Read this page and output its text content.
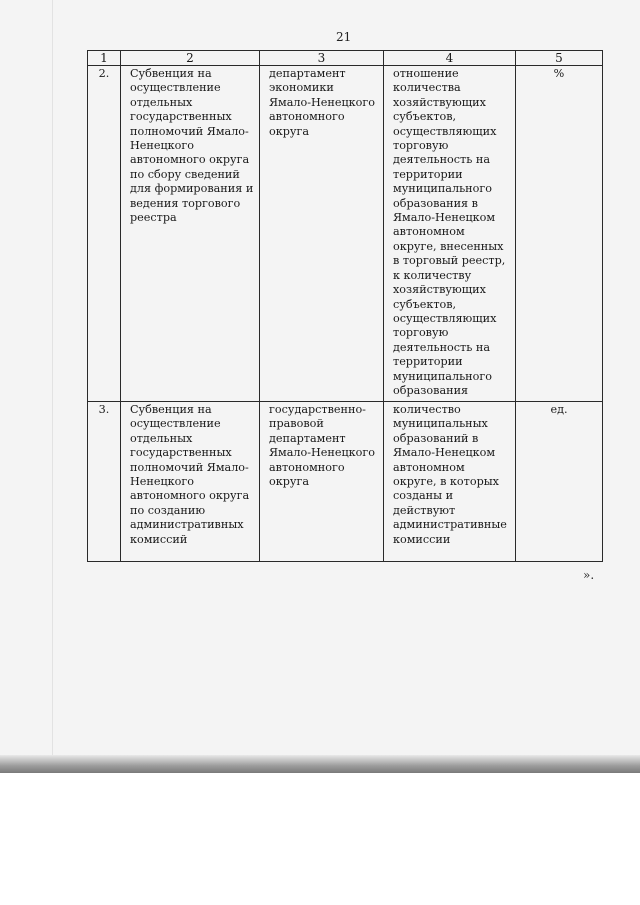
21
1	2	3	4	5
2.	Субвенция на осуществление отдельных государственных полномочий Ямало-Ненецкого автономного округа по сбору сведений для формирования и ведения торгового реестра	департамент экономики Ямало-Ненецкого автономного округа	отношение количества хозяйствующих субъектов, осуществляющих торговую деятельность на территории муниципального образования в Ямало-Ненецком автономном округе, внесенных в торговый реестр, к количеству хозяйствующих субъектов, осуществляющих торговую деятельность на территории муниципального образования	%
3.	Субвенция на осуществление отдельных государственных полномочий Ямало-Ненецкого автономного округа по созданию административных комиссий	государственно-правовой департамент Ямало-Ненецкого автономного округа	количество муниципальных образований в Ямало-Ненецком автономном округе, в которых созданы и действуют административные комиссии	ед.
».
